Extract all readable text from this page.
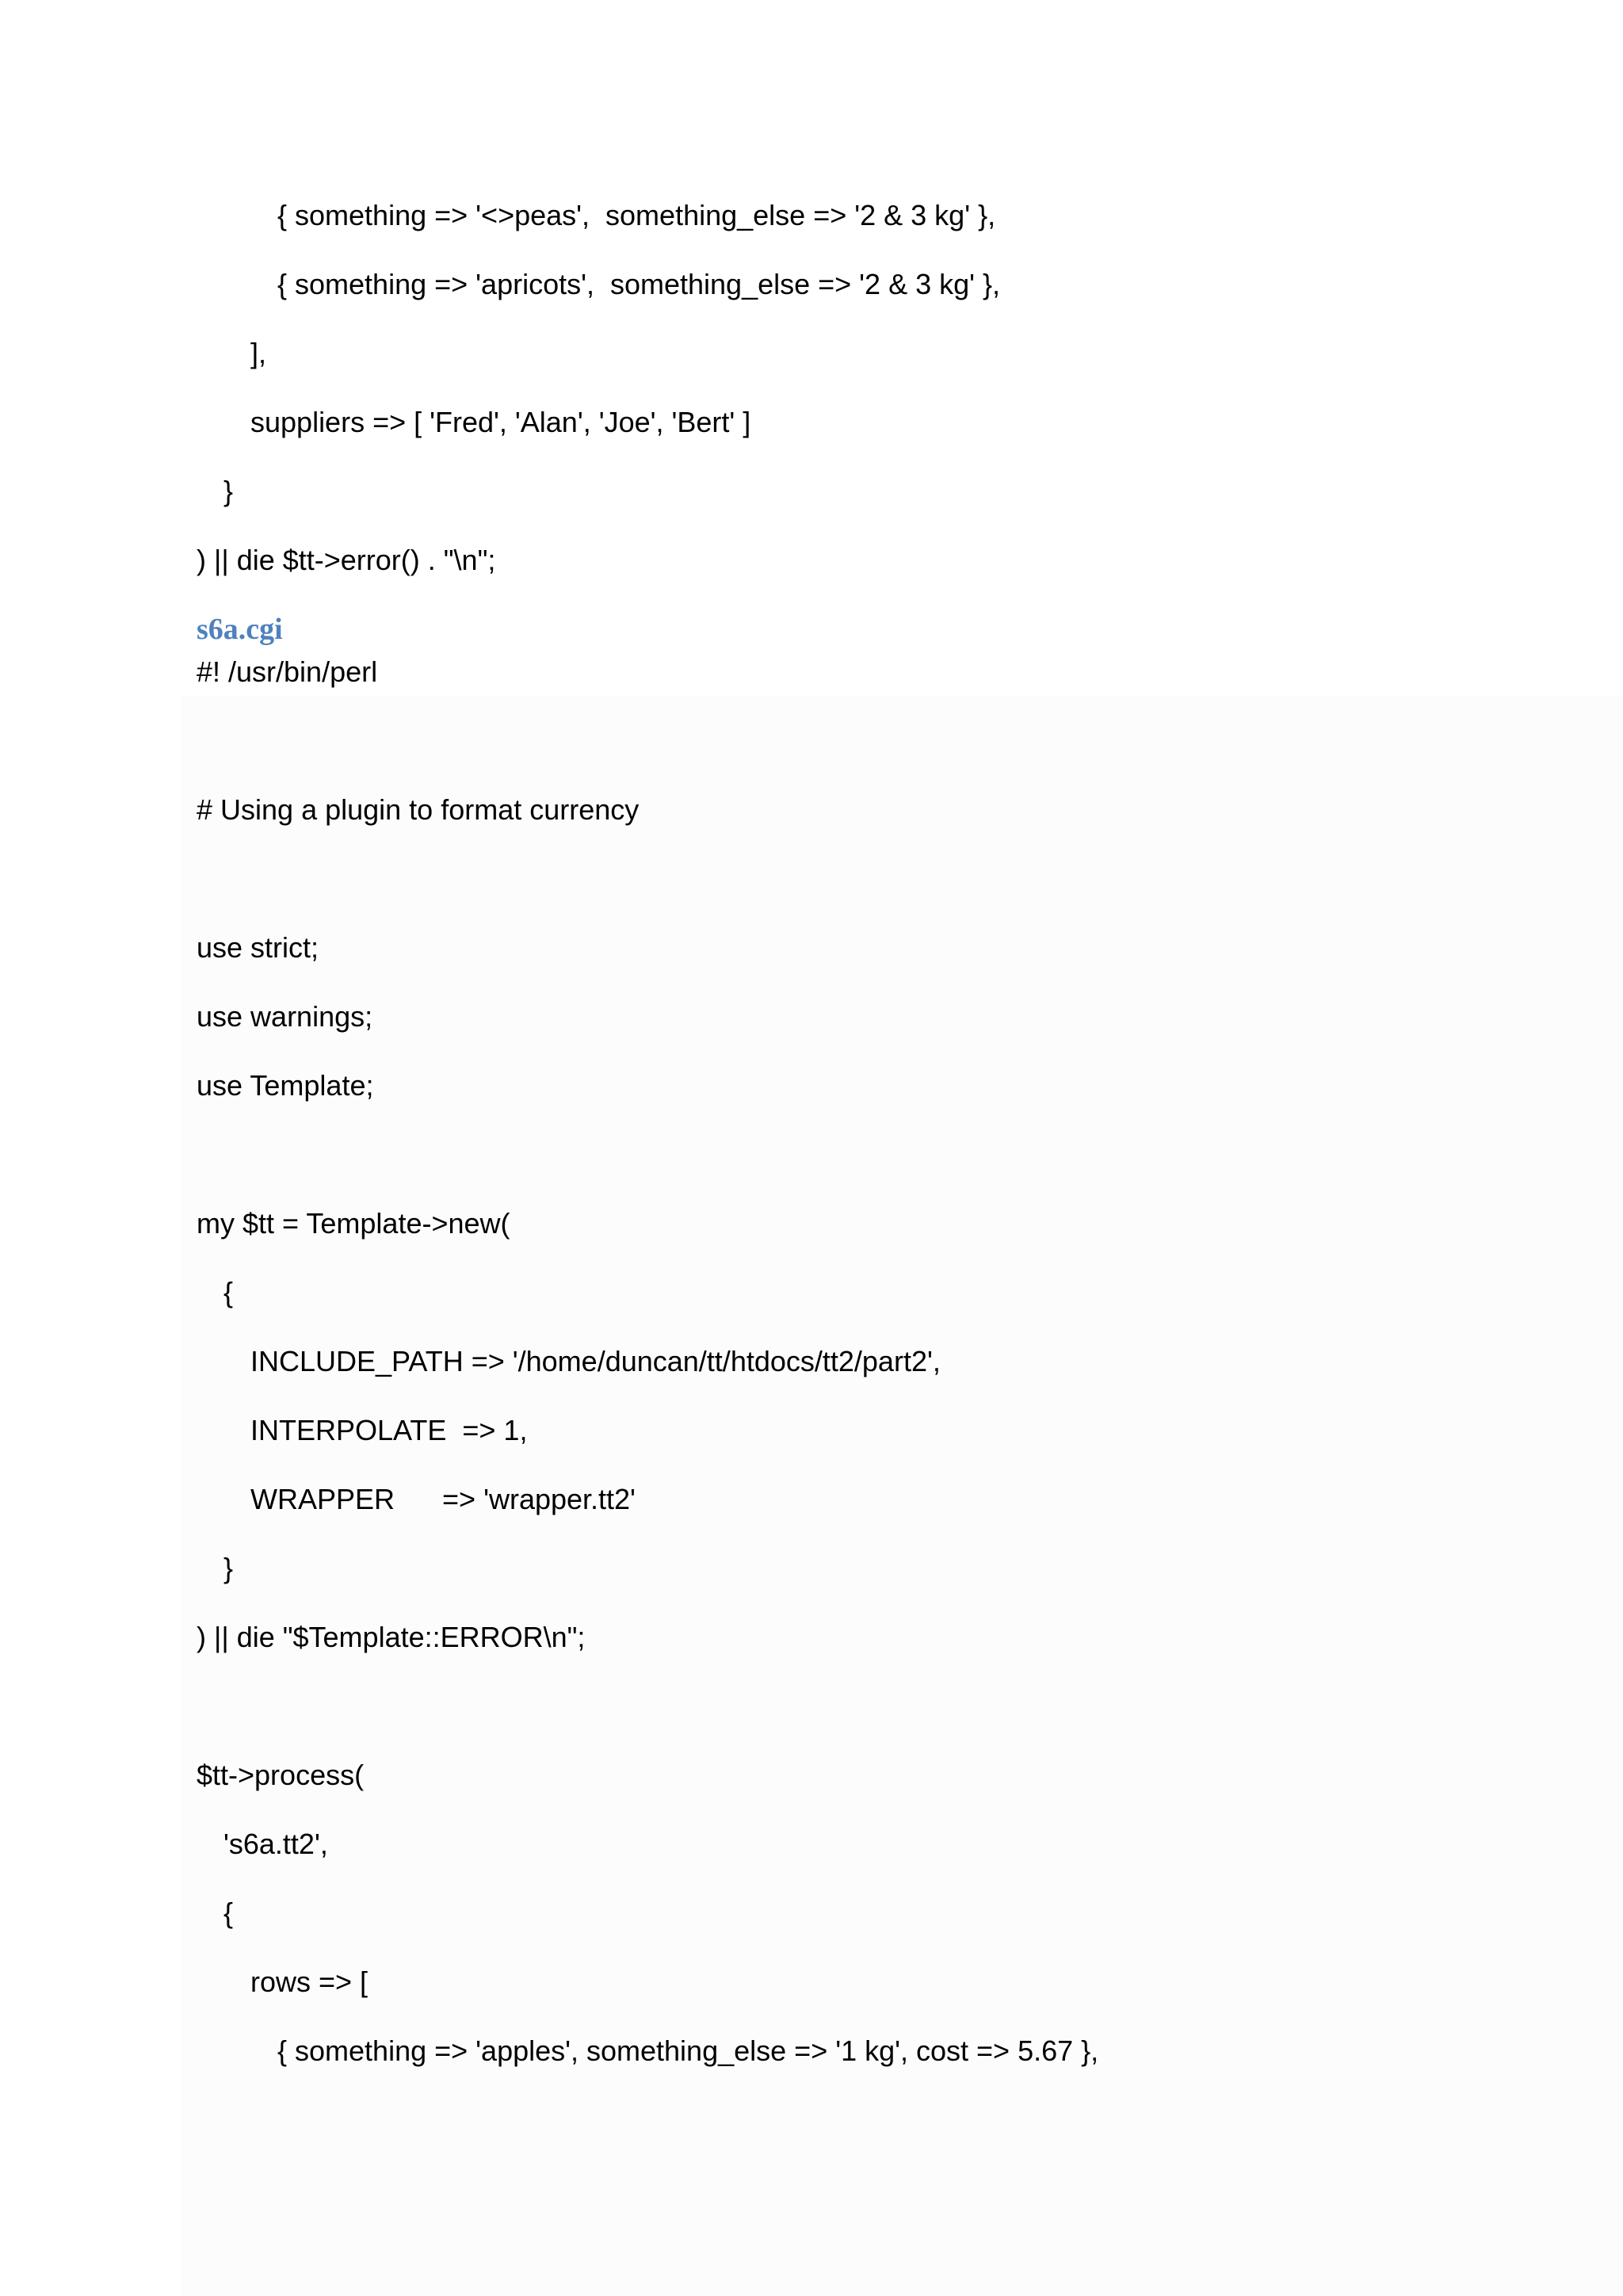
{ something => '<>peas',  something_else => '2 & 3 kg' },
{ something => 'apricots',  something_else => '2 & 3 kg' },
],
suppliers => [ 'Fred', 'Alan', 'Joe', 'Bert' ]
}
) || die $tt->error() . "\n";
s6a.cgi
#! /usr/bin/perl
# Using a plugin to format currency
use strict;
use warnings;
use Template;
my $tt = Template->new(
{
INCLUDE_PATH => '/home/duncan/tt/htdocs/tt2/part2',
INTERPOLATE  => 1,
WRAPPER      => 'wrapper.tt2'
}
) || die "$Template::ERROR\n";
$tt->process(
's6a.tt2',
{
rows => [
{ something => 'apples', something_else => '1 kg', cost => 5.67 },
